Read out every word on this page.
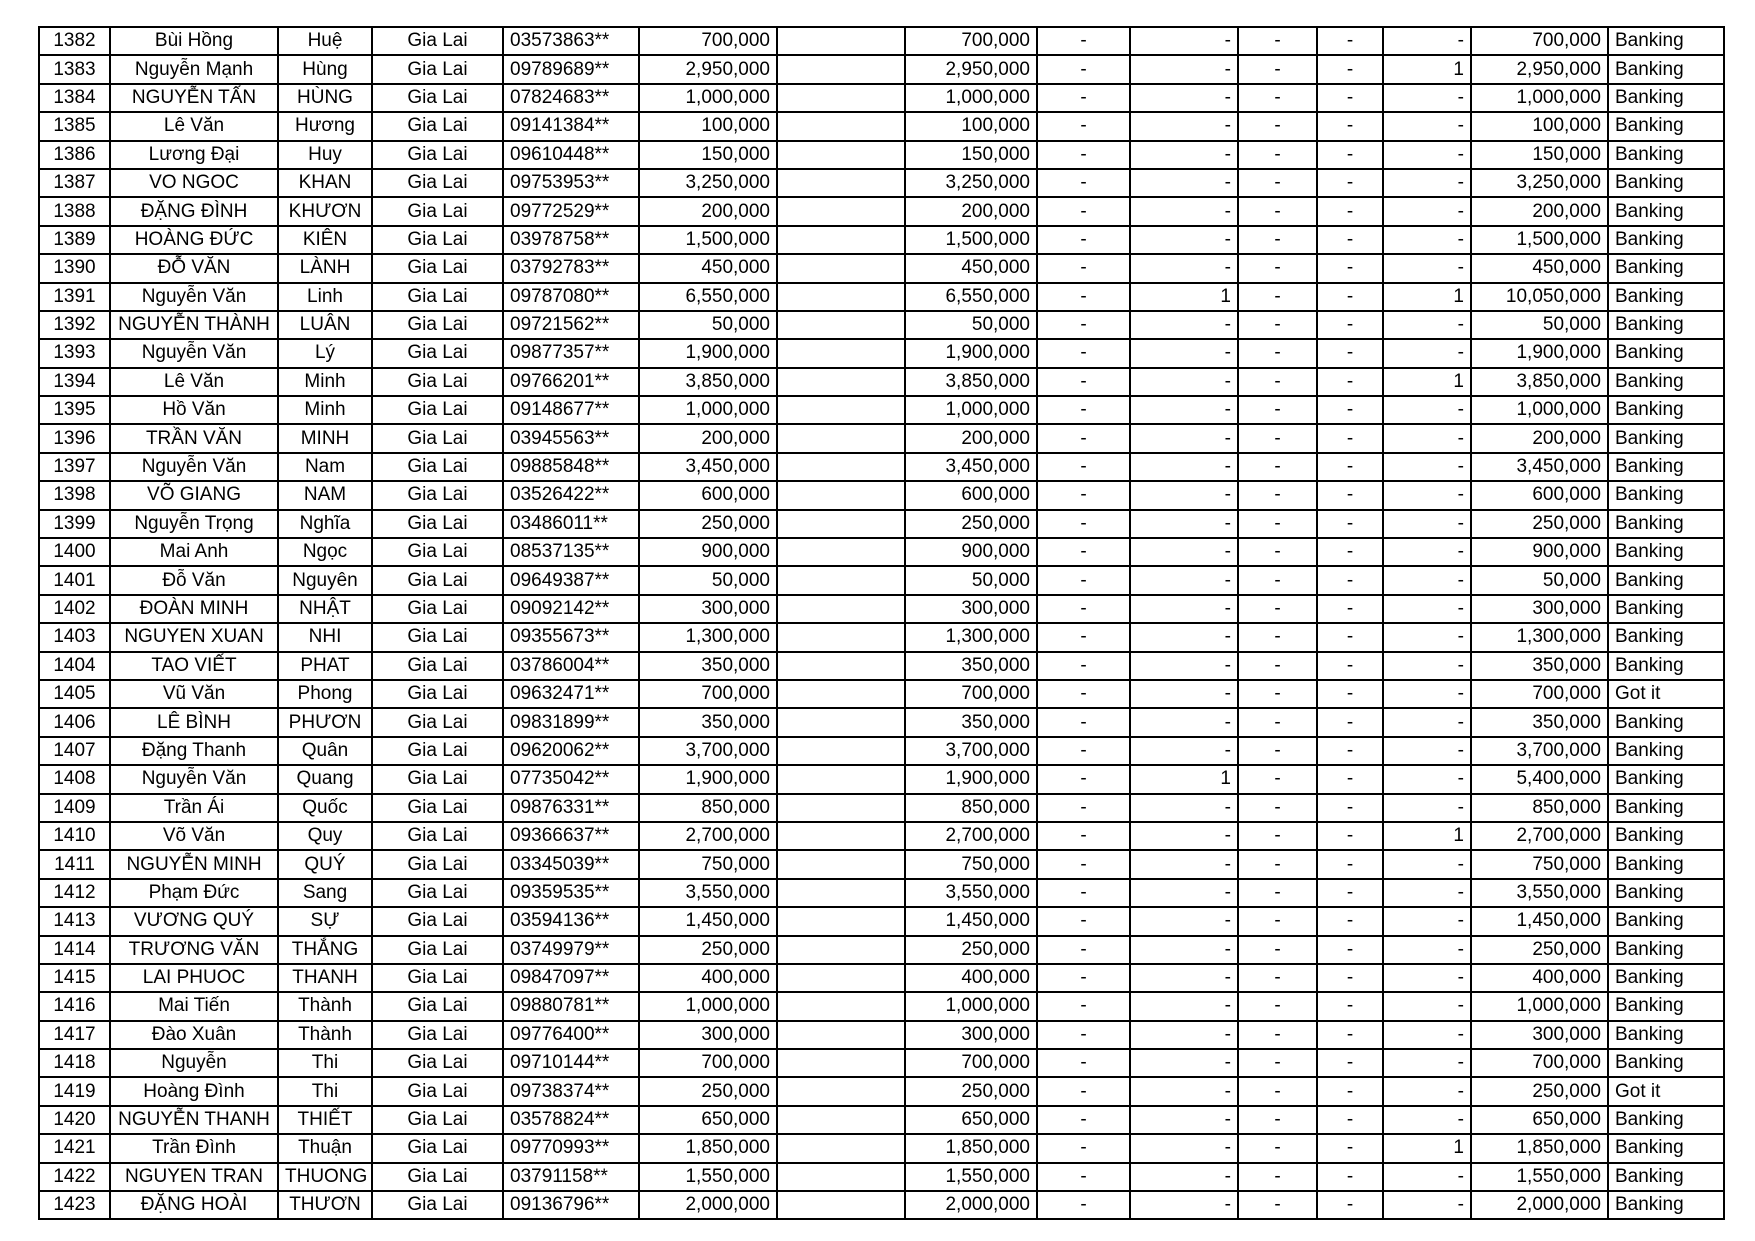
1382	Bùi Hồng	Huệ	Gia Lai	03573863**	700,000		700,000	-	-	-	-	-	700,000	Banking
1383	Nguyễn Mạnh	Hùng	Gia Lai	09789689**	2,950,000		2,950,000	-	-	-	-	1	2,950,000	Banking
1384	NGUYỄN TẤN	HÙNG	Gia Lai	07824683**	1,000,000		1,000,000	-	-	-	-	-	1,000,000	Banking
1385	Lê Văn	Hương	Gia Lai	09141384**	100,000		100,000	-	-	-	-	-	100,000	Banking
1386	Lương Đại	Huy	Gia Lai	09610448**	150,000		150,000	-	-	-	-	-	150,000	Banking
1387	VO NGOC	KHAN	Gia Lai	09753953**	3,250,000		3,250,000	-	-	-	-	-	3,250,000	Banking
1388	ĐẶNG ĐÌNH	KHƯƠN	Gia Lai	09772529**	200,000		200,000	-	-	-	-	-	200,000	Banking
1389	HOÀNG ĐỨC	KIÊN	Gia Lai	03978758**	1,500,000		1,500,000	-	-	-	-	-	1,500,000	Banking
1390	ĐỖ VĂN	LÀNH	Gia Lai	03792783**	450,000		450,000	-	-	-	-	-	450,000	Banking
1391	Nguyễn Văn	Linh	Gia Lai	09787080**	6,550,000		6,550,000	-	1	-	-	1	10,050,000	Banking
1392	NGUYỄN THÀNH	LUÂN	Gia Lai	09721562**	50,000		50,000	-	-	-	-	-	50,000	Banking
1393	Nguyễn Văn	Lý	Gia Lai	09877357**	1,900,000		1,900,000	-	-	-	-	-	1,900,000	Banking
1394	Lê Văn	Minh	Gia Lai	09766201**	3,850,000		3,850,000	-	-	-	-	1	3,850,000	Banking
1395	Hồ Văn	Minh	Gia Lai	09148677**	1,000,000		1,000,000	-	-	-	-	-	1,000,000	Banking
1396	TRẦN VĂN	MINH	Gia Lai	03945563**	200,000		200,000	-	-	-	-	-	200,000	Banking
1397	Nguyễn Văn	Nam	Gia Lai	09885848**	3,450,000		3,450,000	-	-	-	-	-	3,450,000	Banking
1398	VÕ GIANG	NAM	Gia Lai	03526422**	600,000		600,000	-	-	-	-	-	600,000	Banking
1399	Nguyễn Trọng	Nghĩa	Gia Lai	03486011**	250,000		250,000	-	-	-	-	-	250,000	Banking
1400	Mai Anh	Ngọc	Gia Lai	08537135**	900,000		900,000	-	-	-	-	-	900,000	Banking
1401	Đỗ Văn	Nguyên	Gia Lai	09649387**	50,000		50,000	-	-	-	-	-	50,000	Banking
1402	ĐOÀN MINH	NHẬT	Gia Lai	09092142**	300,000		300,000	-	-	-	-	-	300,000	Banking
1403	NGUYEN XUAN	NHI	Gia Lai	09355673**	1,300,000		1,300,000	-	-	-	-	-	1,300,000	Banking
1404	TAO VIẾT	PHAT	Gia Lai	03786004**	350,000		350,000	-	-	-	-	-	350,000	Banking
1405	Vũ Văn	Phong	Gia Lai	09632471**	700,000		700,000	-	-	-	-	-	700,000	Got it
1406	LÊ BÌNH	PHƯƠN	Gia Lai	09831899**	350,000		350,000	-	-	-	-	-	350,000	Banking
1407	Đặng Thanh	Quân	Gia Lai	09620062**	3,700,000		3,700,000	-	-	-	-	-	3,700,000	Banking
1408	Nguyễn Văn	Quang	Gia Lai	07735042**	1,900,000		1,900,000	-	1	-	-	-	5,400,000	Banking
1409	Trần Ái	Quốc	Gia Lai	09876331**	850,000		850,000	-	-	-	-	-	850,000	Banking
1410	Võ Văn	Quy	Gia Lai	09366637**	2,700,000		2,700,000	-	-	-	-	1	2,700,000	Banking
1411	NGUYỄN MINH	QUÝ	Gia Lai	03345039**	750,000		750,000	-	-	-	-	-	750,000	Banking
1412	Phạm Đức	Sang	Gia Lai	09359535**	3,550,000		3,550,000	-	-	-	-	-	3,550,000	Banking
1413	VƯƠNG QUÝ	SỰ	Gia Lai	03594136**	1,450,000		1,450,000	-	-	-	-	-	1,450,000	Banking
1414	TRƯƠNG VĂN	THẮNG	Gia Lai	03749979**	250,000		250,000	-	-	-	-	-	250,000	Banking
1415	LAI PHUOC	THANH	Gia Lai	09847097**	400,000		400,000	-	-	-	-	-	400,000	Banking
1416	Mai Tiến	Thành	Gia Lai	09880781**	1,000,000		1,000,000	-	-	-	-	-	1,000,000	Banking
1417	Đào Xuân	Thành	Gia Lai	09776400**	300,000		300,000	-	-	-	-	-	300,000	Banking
1418	Nguyễn	Thi	Gia Lai	09710144**	700,000		700,000	-	-	-	-	-	700,000	Banking
1419	Hoàng Đình	Thi	Gia Lai	09738374**	250,000		250,000	-	-	-	-	-	250,000	Got it
1420	NGUYỄN THANH	THIẾT	Gia Lai	03578824**	650,000		650,000	-	-	-	-	-	650,000	Banking
1421	Trần Đình	Thuận	Gia Lai	09770993**	1,850,000		1,850,000	-	-	-	-	1	1,850,000	Banking
1422	NGUYEN TRAN	THUONG	Gia Lai	03791158**	1,550,000		1,550,000	-	-	-	-	-	1,550,000	Banking
1423	ĐẶNG HOÀI	THƯƠN	Gia Lai	09136796**	2,000,000		2,000,000	-	-	-	-	-	2,000,000	Banking
